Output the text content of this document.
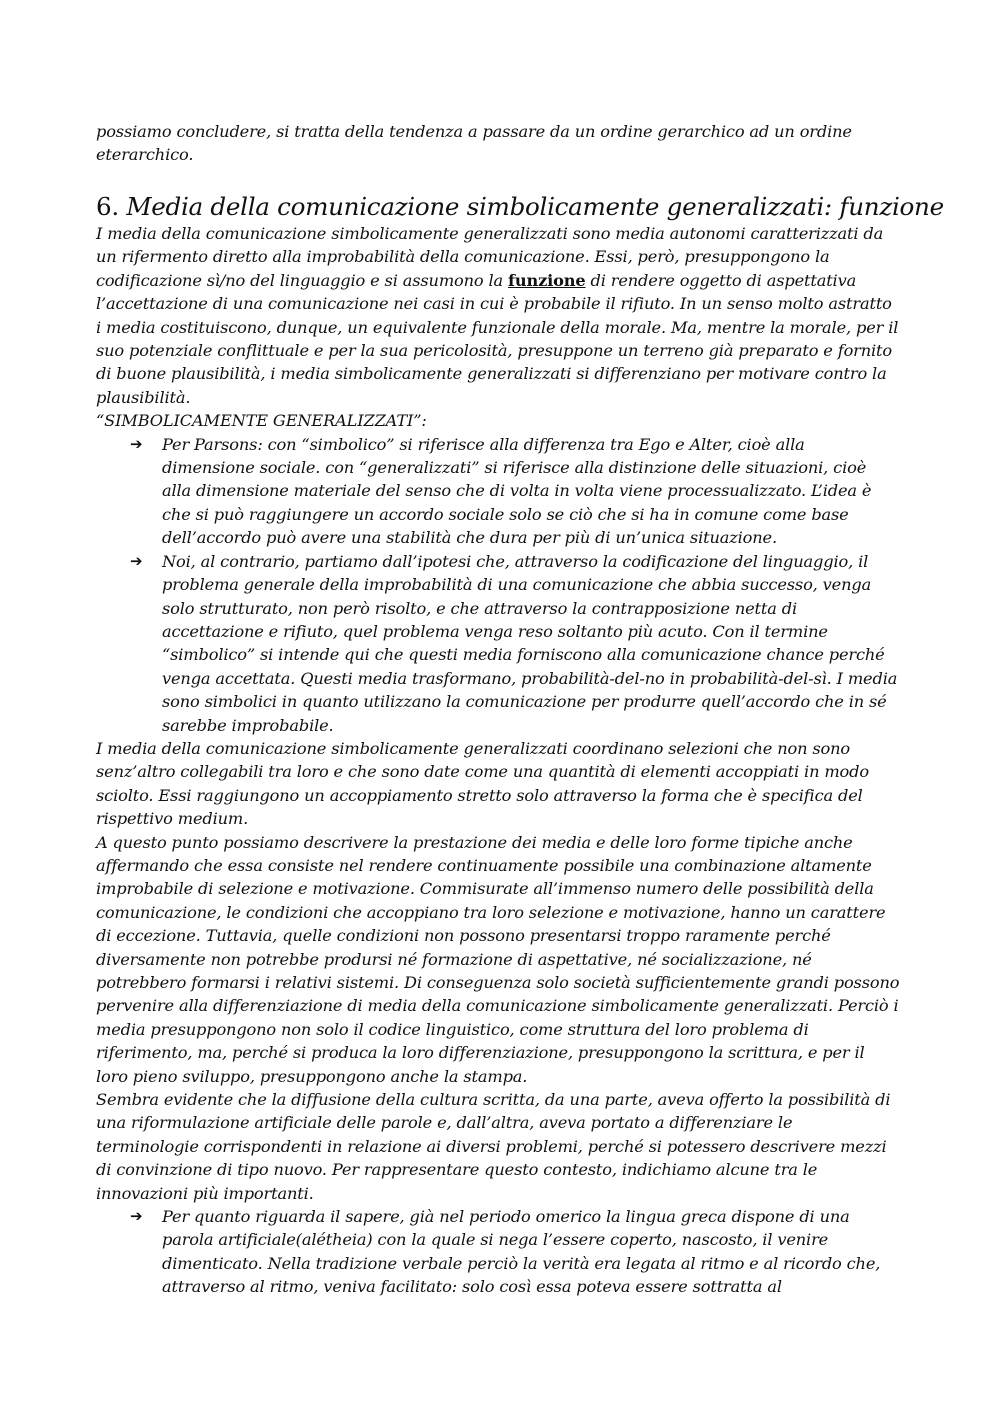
possiamo concludere, si tratta della tendenza a passare da un ordine gerarchico ad un ordine eterarchico.

6. Media della comunicazione simbolicamente generalizzati: funzione

I media della comunicazione simbolicamente generalizzati sono media autonomi caratterizzati da un rifermento diretto alla improbabilità della comunicazione. Essi, però, presuppongono la codificazione sì/no del linguaggio e si assumono la funzione di rendere oggetto di aspettativa l’accettazione di una comunicazione nei casi in cui è probabile il rifiuto. In un senso molto astratto i media costituiscono, dunque, un equivalente funzionale della morale. Ma, mentre la morale, per il suo potenziale conflittuale e per la sua pericolosità, presuppone un terreno già preparato e fornito di buone plausibilità, i media simbolicamente generalizzati si differenziano per motivare contro la plausibilità.

“SIMBOLICAMENTE GENERALIZZATI”:

➔ Per Parsons: con “simbolico” si riferisce alla differenza tra Ego e Alter, cioè alla dimensione sociale. con “generalizzati” si riferisce alla distinzione delle situazioni, cioè alla dimensione materiale del senso che di volta in volta viene processualizzato. L’idea è che si può raggiungere un accordo sociale solo se ciò che si ha in comune come base dell’accordo può avere una stabilità che dura per più di un’unica situazione.
➔ Noi, al contrario, partiamo dall’ipotesi che, attraverso la codificazione del linguaggio, il problema generale della improbabilità di una comunicazione che abbia successo, venga solo strutturato, non però risolto, e che attraverso la contrapposizione netta di accettazione e rifiuto, quel problema venga reso soltanto più acuto. Con il termine “simbolico” si intende qui che questi media forniscono alla comunicazione chance perché venga accettata. Questi media trasformano, probabilità-del-no in probabilità-del-sì. I media sono simbolici in quanto utilizzano la comunicazione per produrre quell’accordo che in sé sarebbe improbabile.

I media della comunicazione simbolicamente generalizzati coordinano selezioni che non sono senz’altro collegabili tra loro e che sono date come una quantità di elementi accoppiati in modo sciolto. Essi raggiungono un accoppiamento stretto solo attraverso la forma che è specifica del rispettivo medium.

A questo punto possiamo descrivere la prestazione dei media e delle loro forme tipiche anche affermando che essa consiste nel rendere continuamente possibile una combinazione altamente improbabile di selezione e motivazione. Commisurate all’immenso numero delle possibilità della comunicazione, le condizioni che accoppiano tra loro selezione e motivazione, hanno un carattere di eccezione. Tuttavia, quelle condizioni non possono presentarsi troppo raramente perché diversamente non potrebbe prodursi né formazione di aspettative, né socializzazione, né potrebbero formarsi i relativi sistemi. Di conseguenza solo società sufficientemente grandi possono pervenire alla differenziazione di media della comunicazione simbolicamente generalizzati. Perciò i media presuppongono non solo il codice linguistico, come struttura del loro problema di riferimento, ma, perché si produca la loro differenziazione, presuppongono la scrittura, e per il loro pieno sviluppo, presuppongono anche la stampa.

Sembra evidente che la diffusione della cultura scritta, da una parte, aveva offerto la possibilità di una riformulazione artificiale delle parole e, dall’altra, aveva portato a differenziare le terminologie corrispondenti in relazione ai diversi problemi, perché si potessero descrivere mezzi di convinzione di tipo nuovo. Per rappresentare questo contesto, indichiamo alcune tra le innovazioni più importanti.

➔ Per quanto riguarda il sapere, già nel periodo omerico la lingua greca dispone di una parola artificiale(alétheia) con la quale si nega l’essere coperto, nascosto, il venire dimenticato. Nella tradizione verbale perciò la verità era legata al ritmo e al ricordo che, attraverso al ritmo, veniva facilitato: solo così essa poteva essere sottratta al
